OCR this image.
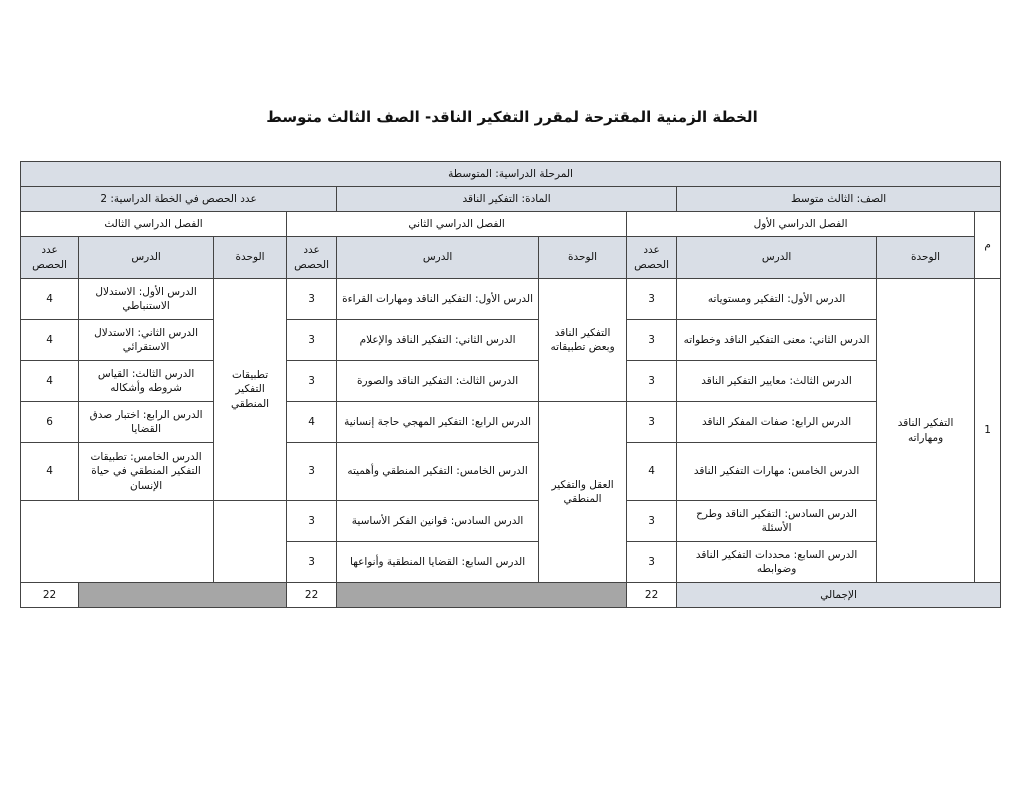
الخطة الزمنية المقترحة لمقرر التفكير الناقد- الصف الثالث متوسط
المرحلة الدراسية: المتوسطة									
الصف: الثالث متوسط			المادة: التفكير الناقد			عدد الحصص في الخطة الدراسية: 2			
م	الفصل الدراسي الأول			الفصل الدراسي الثاني			الفصل الدراسي الثالث		
	الوحدة	الدرس	عدد الحصص	الوحدة	الدرس	عدد الحصص	الوحدة	الدرس	عدد الحصص
1	التفكير الناقد ومهاراته	الدرس الأول: التفكير ومستوياته	3	التفكير الناقد وبعض تطبيقاته	الدرس الأول: التفكير الناقد ومهارات القراءة	3	تطبيقات التفكير المنطقي	الدرس الأول: الاستدلال الاستنباطي	4
		الدرس الثاني: معنى التفكير الناقد وخطواته	3		الدرس الثاني: التفكير الناقد والإعلام	3		الدرس الثاني: الاستدلال الاستقرائي	4
		الدرس الثالث: معايير التفكير الناقد	3		الدرس الثالث: التفكير الناقد والصورة	3		الدرس الثالث: القياس شروطه وأشكاله	4
		الدرس الرابع: صفات المفكر الناقد	3	العقل والتفكير المنطقي	الدرس الرابع: التفكير المهجي حاجة إنسانية	4		الدرس الرابع: اختبار صدق القضايا	6
		الدرس الخامس: مهارات التفكير الناقد	4		الدرس الخامس: التفكير المنطقي وأهميته	3		الدرس الخامس: تطبيقات التفكير المنطقي في حياة الإنسان	4
		الدرس السادس: التفكير الناقد وطرح الأسئلة	3		الدرس السادس: قوانين الفكر الأساسية	3			
		الدرس السابع: محددات التفكير الناقد وضوابطه	3		الدرس السابع: القضايا المنطقية وأنواعها	3			
الإجمالي			22			22			22
